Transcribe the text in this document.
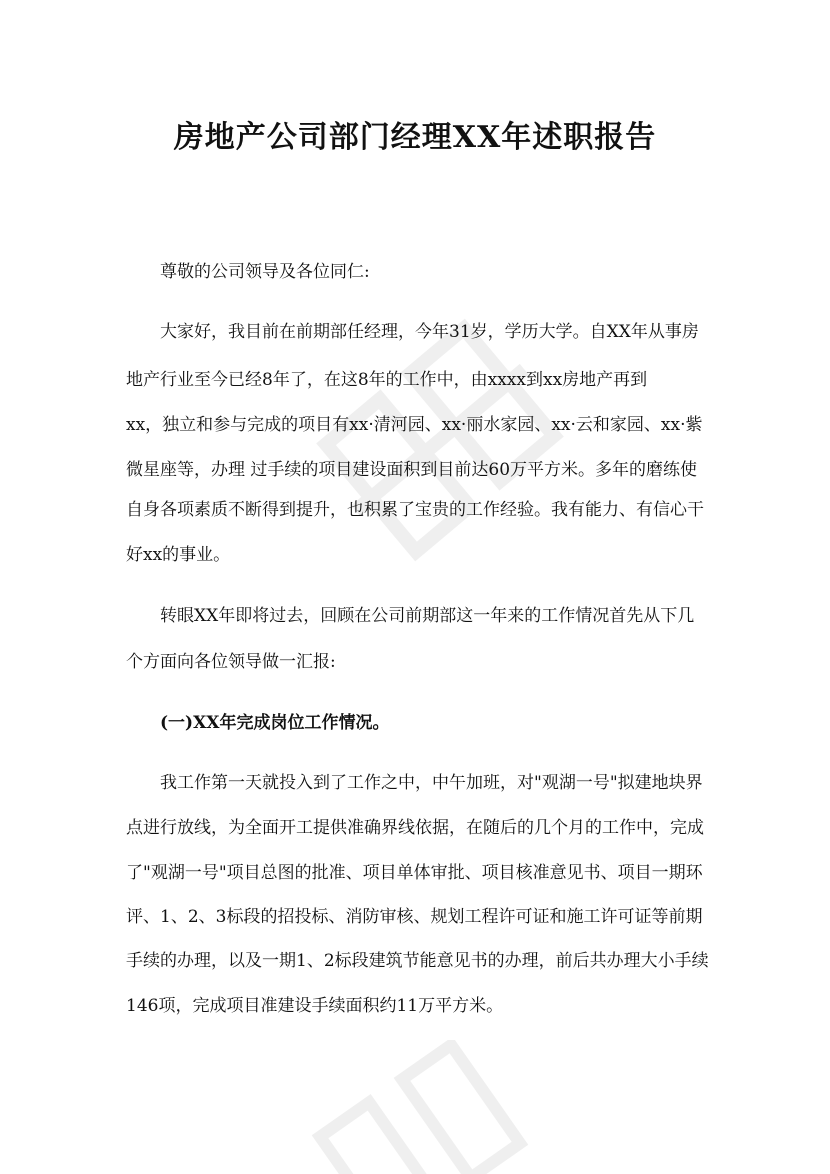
房地产公司部门经理XX年述职报告

尊敬的公司领导及各位同仁:

大家好，我目前在前期部任经理，今年31岁，学历大学。自XX年从事房

地产行业至今已经8年了，在这8年的工作中，由xxxx到xx房地产再到

xx，独立和参与完成的项目有xx·清河园、xx·丽水家园、xx·云和家园、xx·紫

微星座等，办理 过手续的项目建设面积到目前达60万平方米。多年的磨练使

自身各项素质不断得到提升，也积累了宝贵的工作经验。我有能力、有信心干

好xx的事业。

转眼XX年即将过去，回顾在公司前期部这一年来的工作情况首先从下几

个方面向各位领导做一汇报:

(一)XX年完成岗位工作情况。

我工作第一天就投入到了工作之中，中午加班，对"观湖一号"拟建地块界

点进行放线，为全面开工提供准确界线依据，在随后的几个月的工作中，完成

了"观湖一号"项目总图的批准、项目单体审批、项目核准意见书、项目一期环

评、1、2、3标段的招投标、消防审核、规划工程许可证和施工许可证等前期

手续的办理，以及一期1、2标段建筑节能意见书的办理，前后共办理大小手续

146项，完成项目准建设手续面积约11万平方米。
